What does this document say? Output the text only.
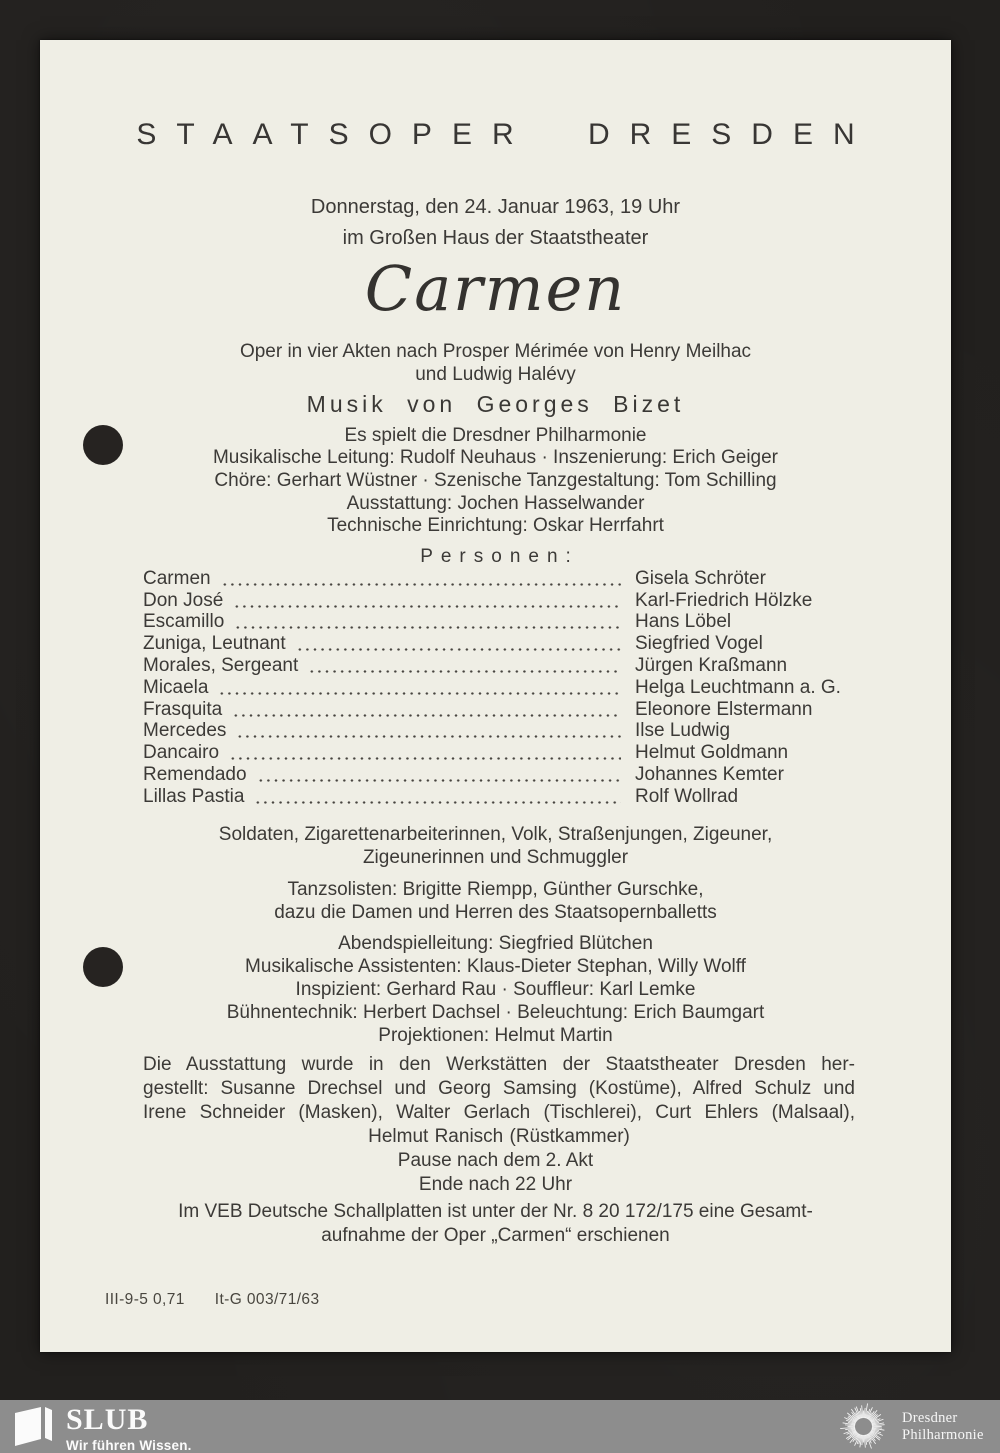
STAATSOPER DRESDEN
Donnerstag, den 24. Januar 1963, 19 Uhr
im Großen Haus der Staatstheater
Carmen
Oper in vier Akten nach Prosper Mérimée von Henry Meilhac
und Ludwig Halévy
Musik von Georges Bizet
Es spielt die Dresdner Philharmonie
Musikalische Leitung: Rudolf Neuhaus · Inszenierung: Erich Geiger
Chöre: Gerhart Wüstner · Szenische Tanzgestaltung: Tom Schilling
Ausstattung: Jochen Hasselwander
Technische Einrichtung: Oskar Herrfahrt
Personen:
Carmen	Gisela Schröter
Don José	Karl-Friedrich Hölzke
Escamillo	Hans Löbel
Zuniga, Leutnant	Siegfried Vogel
Morales, Sergeant	Jürgen Kraßmann
Micaela	Helga Leuchtmann a. G.
Frasquita	Eleonore Elstermann
Mercedes	Ilse Ludwig
Dancairo	Helmut Goldmann
Remendado	Johannes Kemter
Lillas Pastia	Rolf Wollrad
Soldaten, Zigarettenarbeiterinnen, Volk, Straßenjungen, Zigeuner,
Zigeunerinnen und Schmuggler
Tanzsolisten: Brigitte Riempp, Günther Gurschke,
dazu die Damen und Herren des Staatsopernballetts
Abendspielleitung: Siegfried Blütchen
Musikalische Assistenten: Klaus-Dieter Stephan, Willy Wolff
Inspizient: Gerhard Rau · Souffleur: Karl Lemke
Bühnentechnik: Herbert Dachsel · Beleuchtung: Erich Baumgart
Projektionen: Helmut Martin
Die Ausstattung wurde in den Werkstätten der Staatstheater Dresden her-
gestellt: Susanne Drechsel und Georg Samsing (Kostüme), Alfred Schulz und
Irene Schneider (Masken), Walter Gerlach (Tischlerei), Curt Ehlers (Malsaal),
Helmut Ranisch (Rüstkammer)
Pause nach dem 2. Akt
Ende nach 22 Uhr
Im VEB Deutsche Schallplatten ist unter der Nr. 8 20 172/175 eine Gesamt-
aufnahme der Oper „Carmen“ erschienen
III-9-5 0,71 It-G 003/71/63
SLUB
Wir führen Wissen.
Dresdner
Philharmonie
